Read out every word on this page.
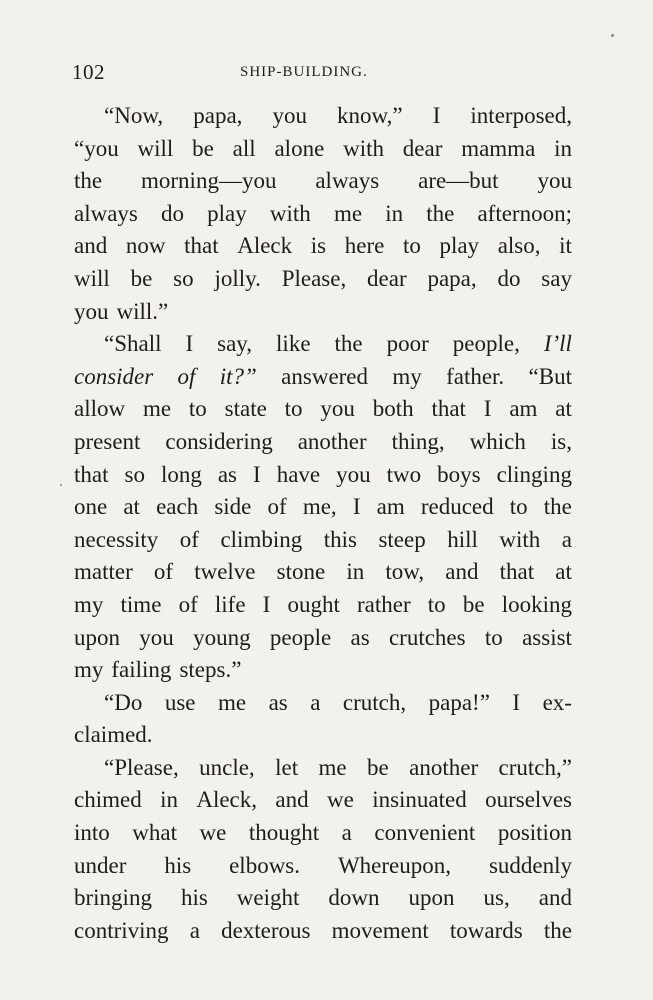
102	SHIP-BUILDING.
“Now, papa, you know,” I interposed,
“you will be all alone with dear mamma in
the morning—you always are—but you
always do play with me in the afternoon;
and now that Aleck is here to play also, it
will be so jolly. Please, dear papa, do say
you will.”
“Shall I say, like the poor people, I’ll
consider of it?” answered my father. “But
allow me to state to you both that I am at
present considering another thing, which is,
that so long as I have you two boys clinging
one at each side of me, I am reduced to the
necessity of climbing this steep hill with a
matter of twelve stone in tow, and that at
my time of life I ought rather to be looking
upon you young people as crutches to assist
my failing steps.”
“Do use me as a crutch, papa!” I ex-
claimed.
“Please, uncle, let me be another crutch,”
chimed in Aleck, and we insinuated ourselves
into what we thought a convenient position
under his elbows. Whereupon, suddenly
bringing his weight down upon us, and
contriving a dexterous movement towards the
